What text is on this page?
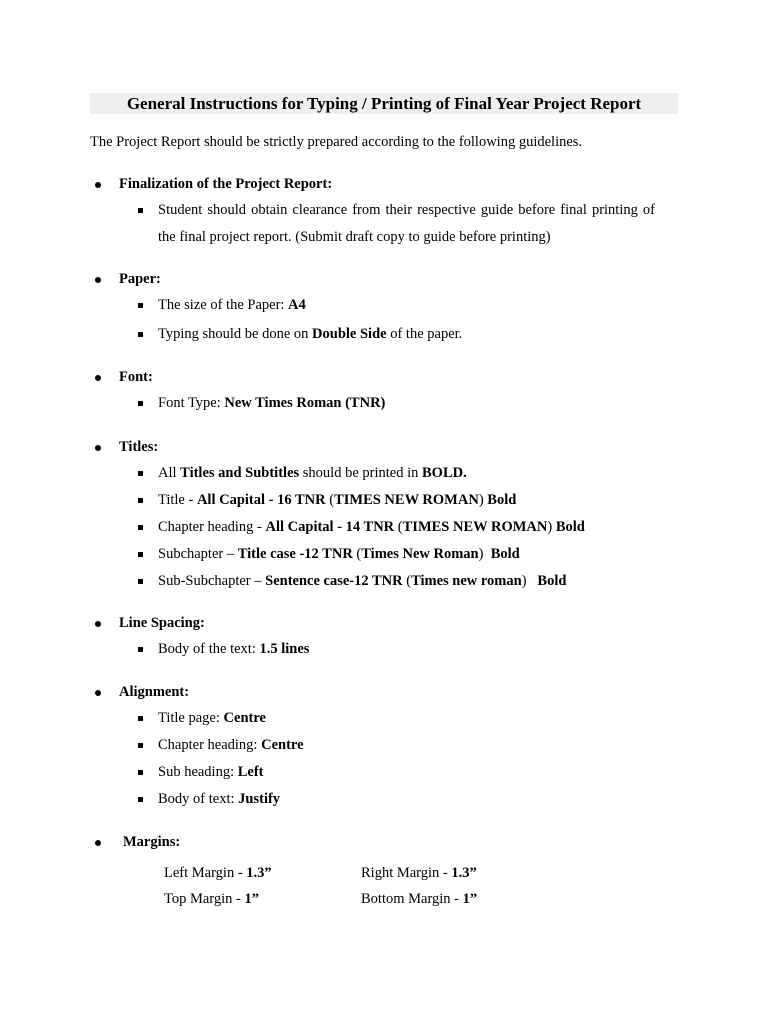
General Instructions for Typing / Printing of Final Year Project Report
The Project Report should be strictly prepared according to the following guidelines.
Finalization of the Project Report:
Student should obtain clearance from their respective guide before final printing of the final project report. (Submit draft copy to guide before printing)
Paper:
The size of the Paper: A4
Typing should be done on Double Side of the paper.
Font:
Font Type: New Times Roman (TNR)
Titles:
All Titles and Subtitles should be printed in BOLD.
Title - All Capital - 16 TNR (TIMES NEW ROMAN) Bold
Chapter heading - All Capital - 14 TNR (TIMES NEW ROMAN) Bold
Subchapter – Title case -12 TNR (Times New Roman)  Bold
Sub-Subchapter – Sentence case-12 TNR (Times new roman)   Bold
Line Spacing:
Body of the text: 1.5 lines
Alignment:
Title page: Centre
Chapter heading: Centre
Sub heading: Left
Body of text: Justify
Margins:
Left Margin - 1.3”	Right Margin - 1.3”
Top Margin - 1”	Bottom Margin - 1”
